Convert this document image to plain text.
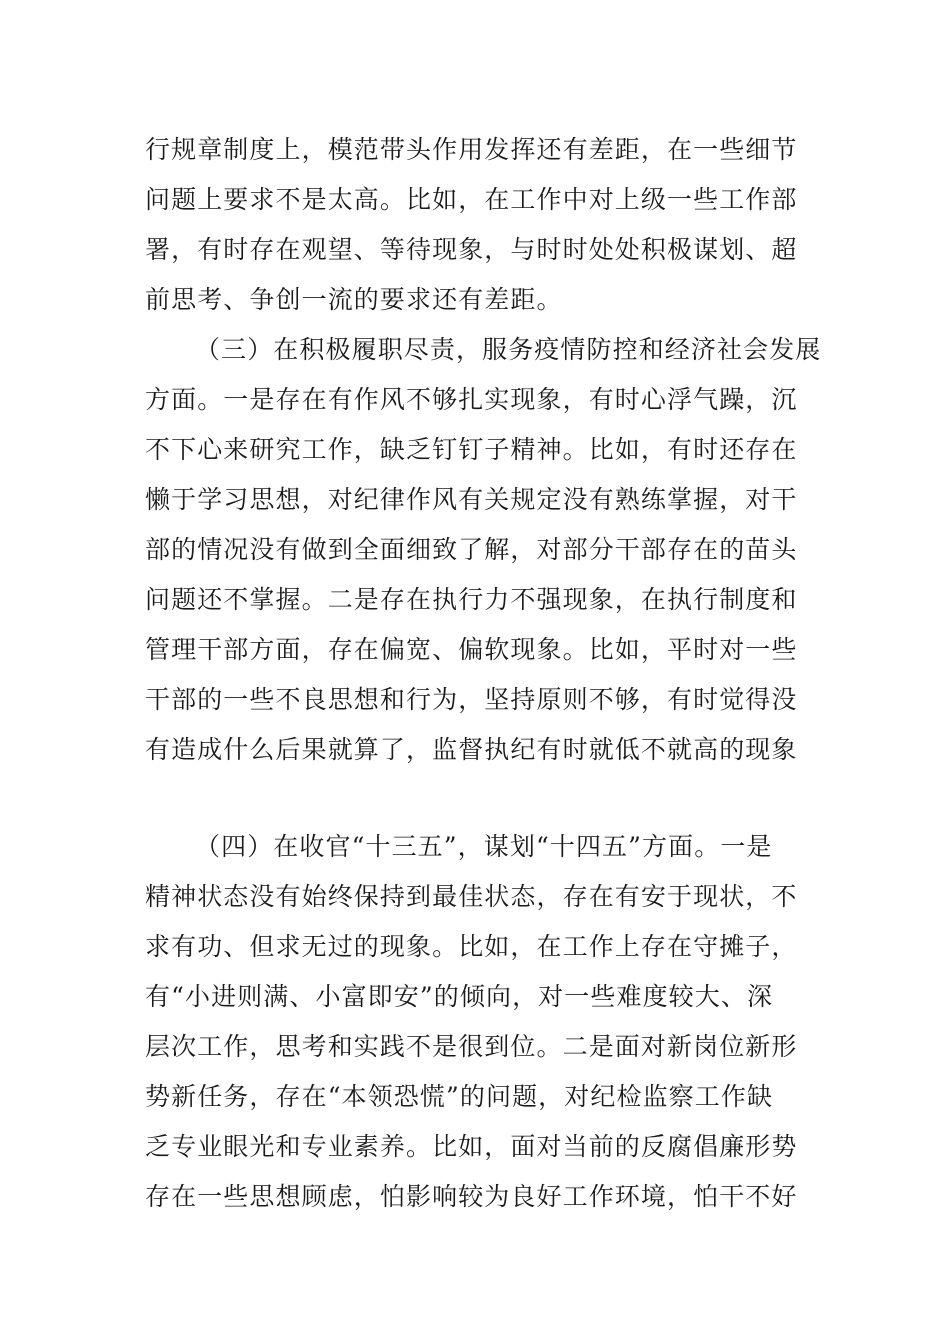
行规章制度上，模范带头作用发挥还有差距，在一些细节
问题上要求不是太高。比如，在工作中对上级一些工作部
署，有时存在观望、等待现象，与时时处处积极谋划、超
前思考、争创一流的要求还有差距。
（三）在积极履职尽责，服务疫情防控和经济社会发展
方面。一是存在有作风不够扎实现象，有时心浮气躁，沉
不下心来研究工作，缺乏钉钉子精神。比如，有时还存在
懒于学习思想，对纪律作风有关规定没有熟练掌握，对干
部的情况没有做到全面细致了解，对部分干部存在的苗头
问题还不掌握。二是存在执行力不强现象，在执行制度和
管理干部方面，存在偏宽、偏软现象。比如，平时对一些
干部的一些不良思想和行为，坚持原则不够，有时觉得没
有造成什么后果就算了，监督执纪有时就低不就高的现象
（四）在收官“十三五”，谋划“十四五”方面。一是
精神状态没有始终保持到最佳状态，存在有安于现状，不
求有功、但求无过的现象。比如，在工作上存在守摊子，
有“小进则满、小富即安”的倾向，对一些难度较大、深
层次工作，思考和实践不是很到位。二是面对新岗位新形
势新任务，存在“本领恐慌”的问题，对纪检监察工作缺
乏专业眼光和专业素养。比如，面对当前的反腐倡廉形势
存在一些思想顾虑，怕影响较为良好工作环境，怕干不好
